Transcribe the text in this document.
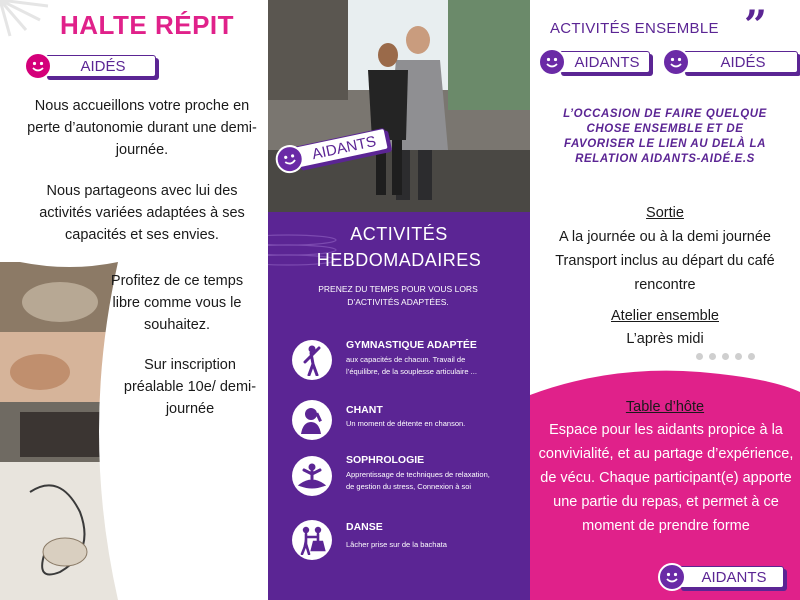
HALTE RÉPIT
AIDÉS
Nous accueillons votre proche en perte d’autonomie durant une demi- journée.
Nous partageons avec lui des activités variées adaptées à ses capacités et ses envies.
Profitez de ce temps libre comme vous le souhaitez.
Sur inscription préalable 10e/ demi-journée
AIDANTS
ACTIVITÉS
HEBDOMADAIRES
PRENEZ DU TEMPS POUR VOUS LORS D’ACTIVITÉS ADAPTÉES.
GYMNASTIQUE ADAPTÉE
aux capacités de chacun. Travail de l’équilibre, de la souplesse articulaire ...
CHANT
Un moment de détente en chanson.
SOPHROLOGIE
Apprentissage de techniques de relaxation, de gestion du stress, Connexion à soi
DANSE
Lâcher prise sur de la bachata
ACTIVITÉS ENSEMBLE ”
AIDANTS	AIDÉS
L’OCCASION DE FAIRE QUELQUE CHOSE ENSEMBLE ET DE FAVORISER LE LIEN AU DELÀ LA RELATION AIDANTS-AIDÉ.E.S
Sortie
A la journée ou à la demi journée Transport inclus au départ du café rencontre
Atelier ensemble
L’après midi
Table d’hôte
Espace pour les aidants propice à la convivialité, et au partage d’expérience, de vécu. Chaque participant(e) apporte une partie du repas, et permet à ce moment de prendre forme
AIDANTS
